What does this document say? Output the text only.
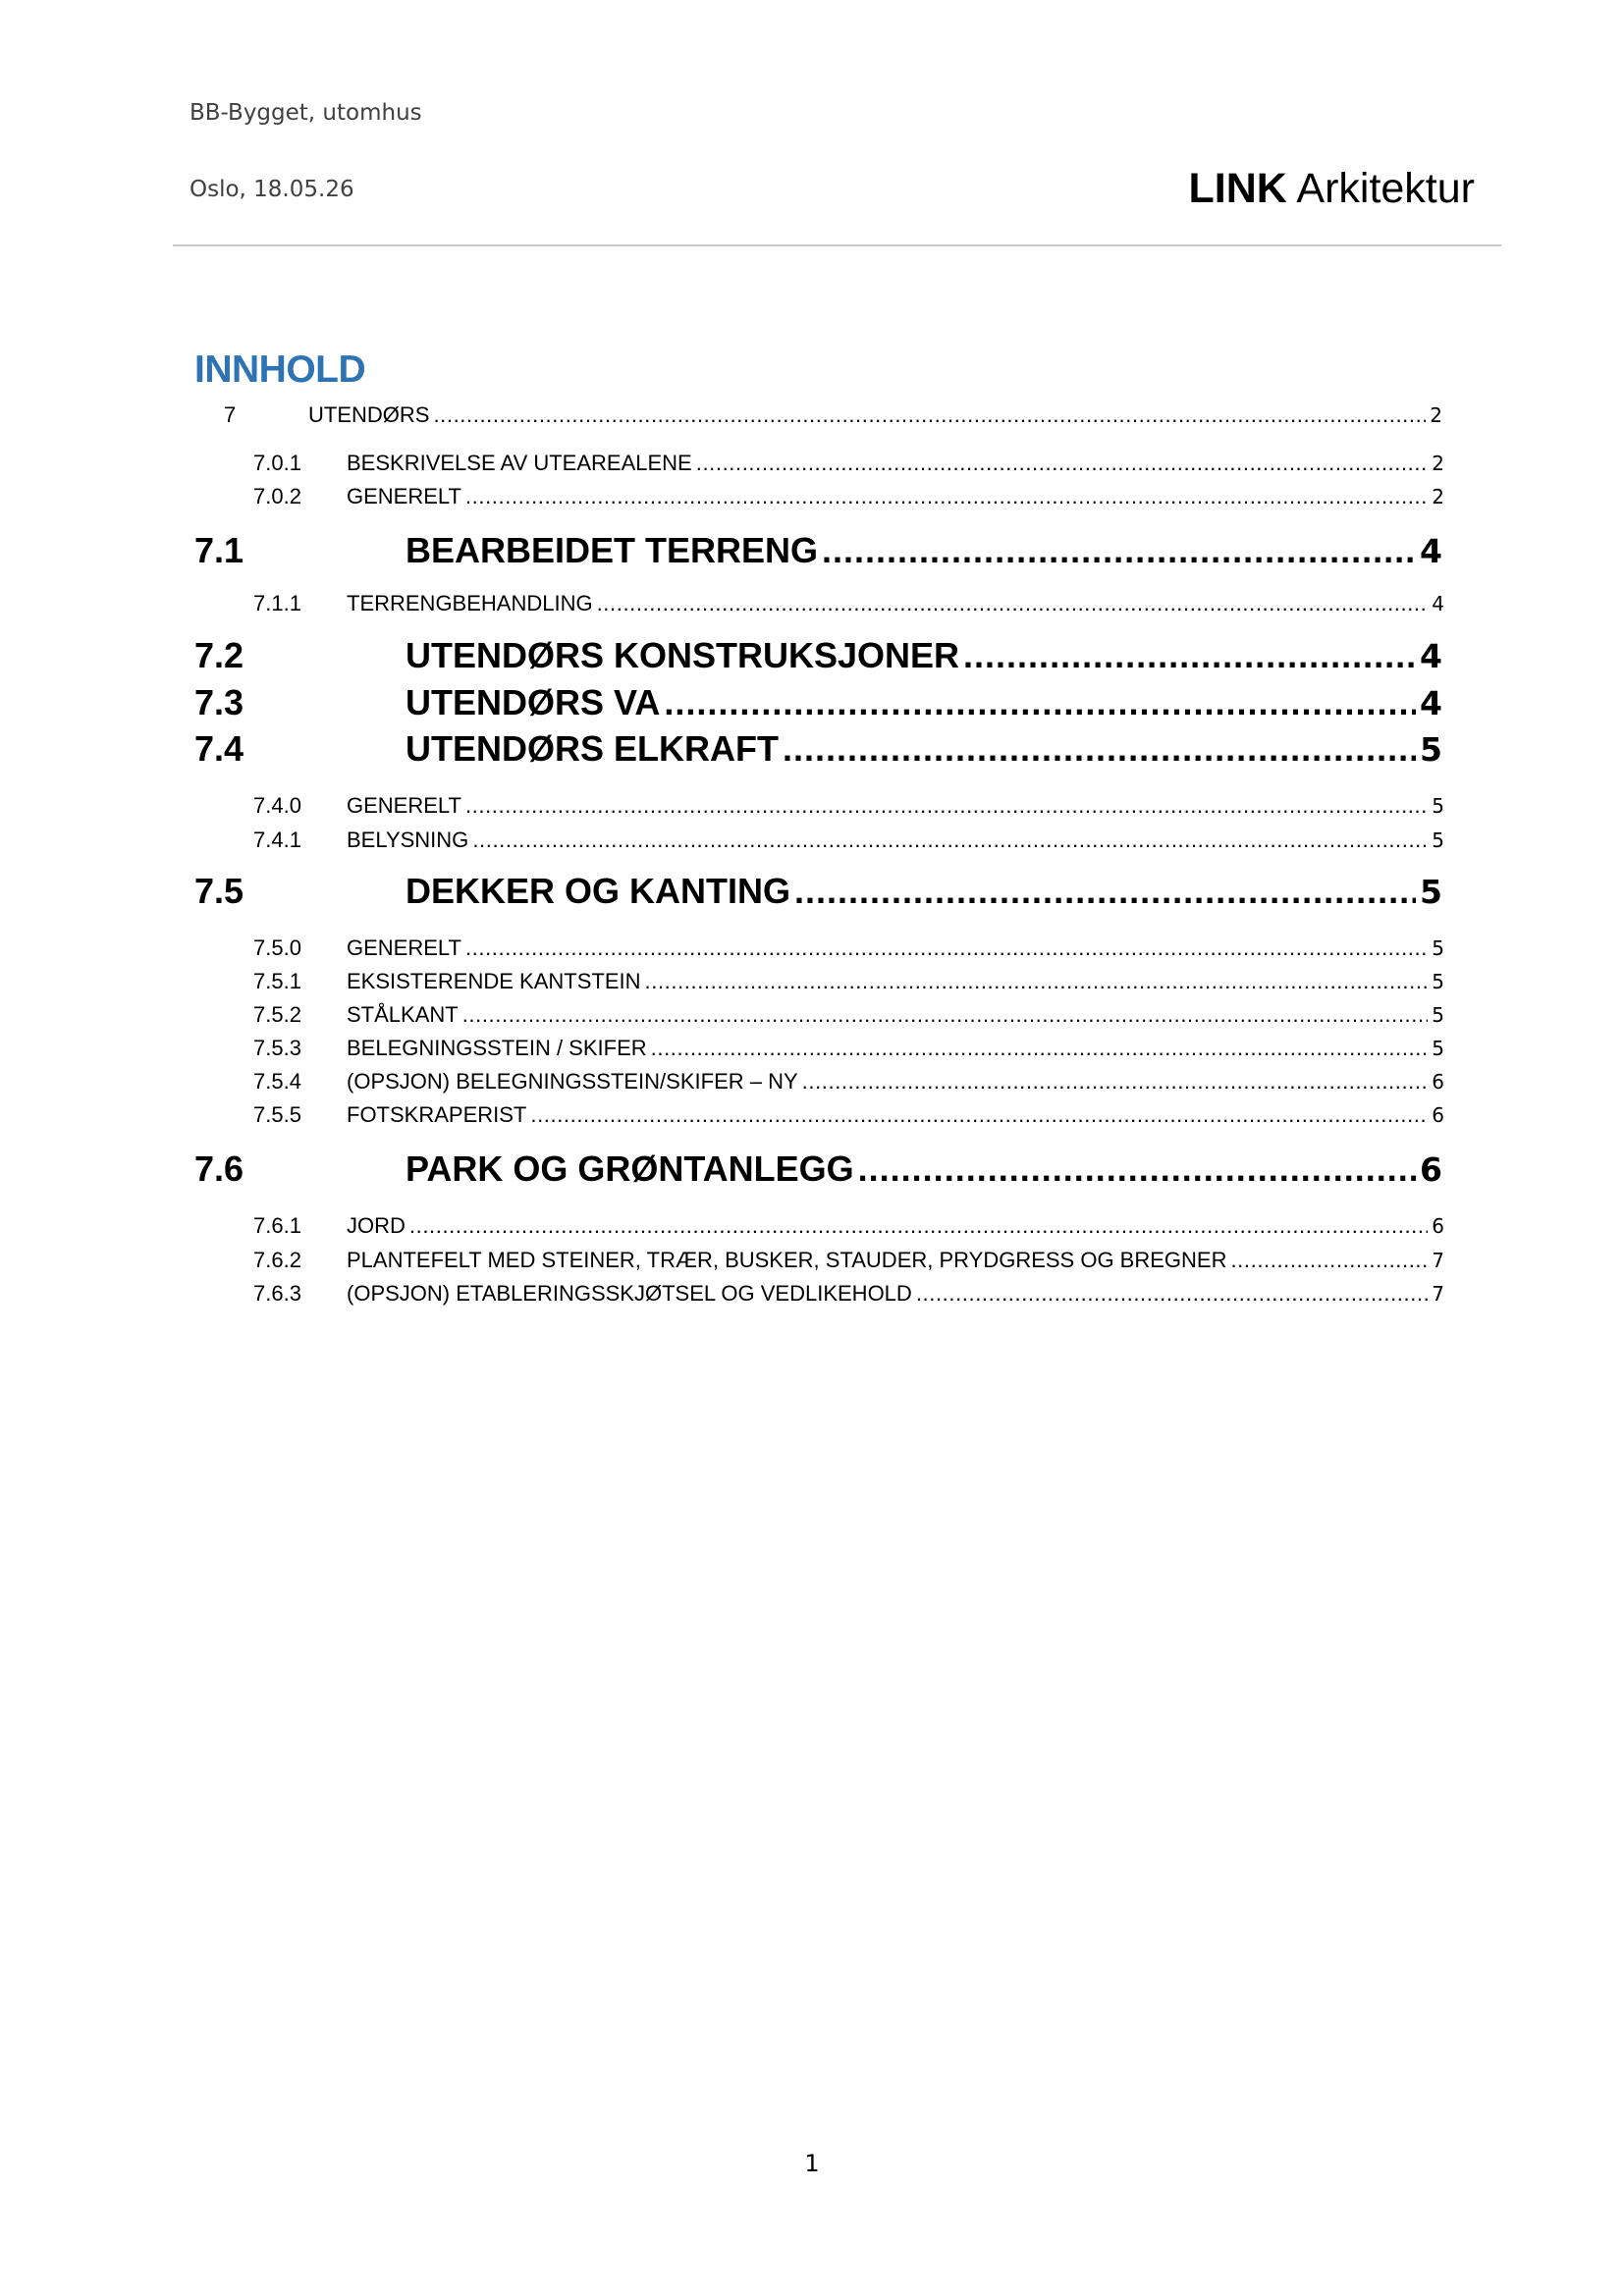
BB-Bygget, utomhus
Oslo, 18.05.26	LINK Arkitektur
INNHOLD
7	UTENDØRS .....	2
7.0.1	BESKRIVELSE AV UTEAREALENE .....	2
7.0.2	GENERELT .....	2
7.1	BEARBEIDET TERRENG .....	4
7.1.1	TERRENGBEHANDLING .....	4
7.2	UTENDØRS KONSTRUKSJONER .....	4
7.3	UTENDØRS VA .....	4
7.4	UTENDØRS ELKRAFT .....	5
7.4.0	GENERELT .....	5
7.4.1	BELYSNING .....	5
7.5	DEKKER OG KANTING .....	5
7.5.0	GENERELT .....	5
7.5.1	EKSISTERENDE KANTSTEIN .....	5
7.5.2	STÅLKANT .....	5
7.5.3	BELEGNINGSSTEIN / SKIFER .....	5
7.5.4	(OPSJON) BELEGNINGSSTEIN/SKIFER – NY .....	6
7.5.5	FOTSKRAPERIST .....	6
7.6	PARK OG GRØNTANLEGG .....	6
7.6.1	JORD .....	6
7.6.2	PLANTEFELT MED STEINER, TRÆR, BUSKER, STAUDER, PRYDGRESS OG BREGNER .....	7
7.6.3	(OPSJON) ETABLERINGSSKJØTSEL OG VEDLIKEHOLD .....	7
1
